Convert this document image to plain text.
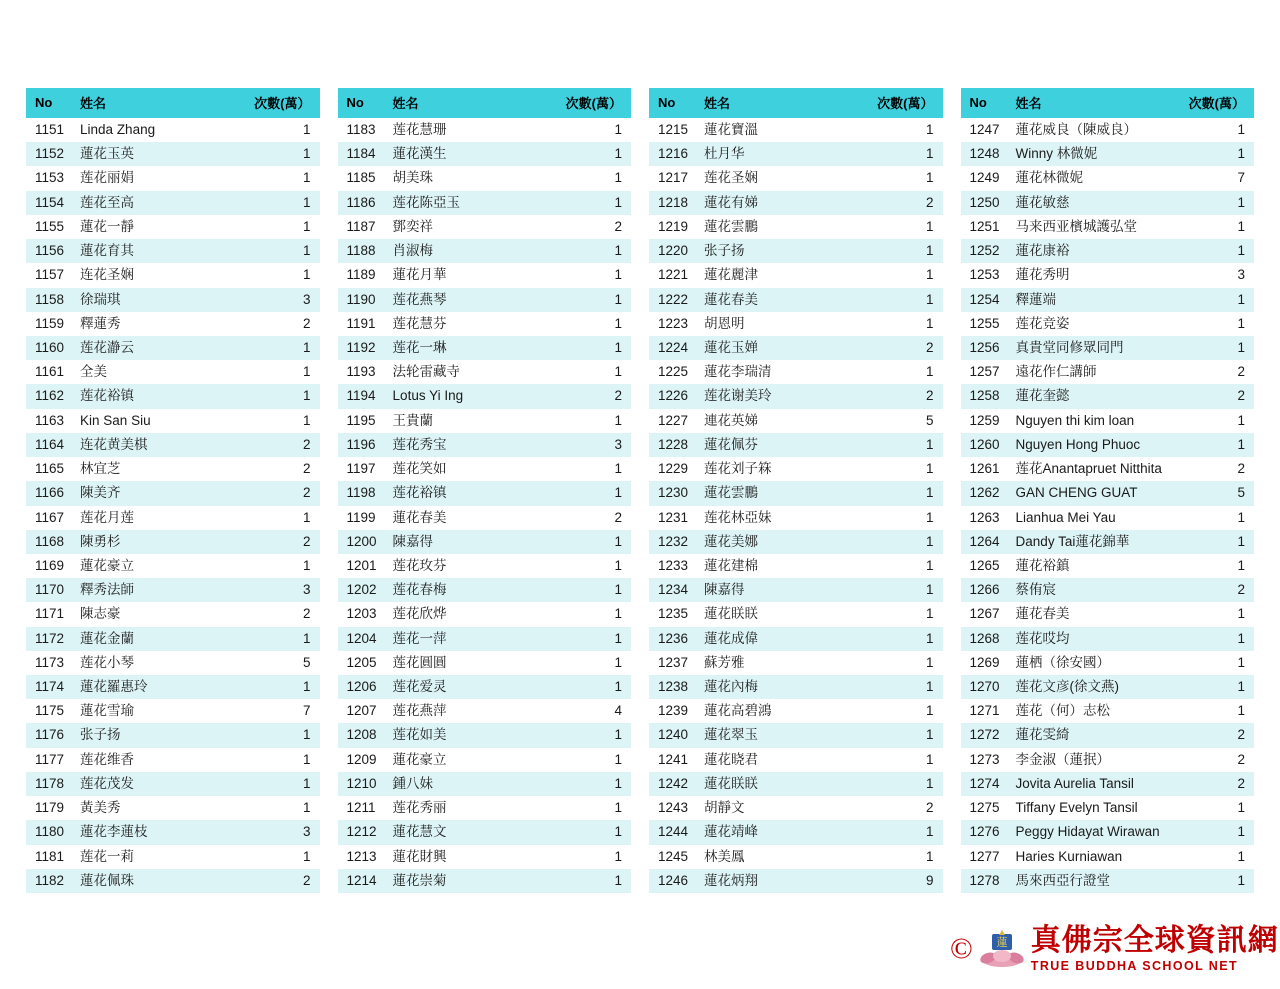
No	姓名	次數(萬）
1151	Linda Zhang	1
1152	蓮花玉英	1
1153	莲花丽娟	1
1154	莲花至高	1
1155	蓮花一靜	1
1156	蓮花育其	1
1157	连花圣娴	1
1158	徐瑞琪	3
1159	釋蓮秀	2
1160	莲花瀞云	1
1161	全美	1
1162	莲花裕镇	1
1163	Kin San Siu	1
1164	连花黄美棋	2
1165	林宜芝	2
1166	陳美齐	2
1167	莲花月莲	1
1168	陳勇杉	2
1169	蓮花豪立	1
1170	釋秀法師	3
1171	陳志豪	2
1172	蓮花金蘭	1
1173	莲花小琴	5
1174	蓮花羅惠玲	1
1175	蓮花雪瑜	7
1176	张子扬	1
1177	莲花维香	1
1178	莲花茂发	1
1179	黃美秀	1
1180	蓮花李蓮枝	3
1181	莲花一莉	1
1182	蓮花佩珠	2
No	姓名	次數(萬）
1183	莲花慧珊	1
1184	蓮花漢生	1
1185	胡美珠	1
1186	莲花陈亞玉	1
1187	鄧奕祥	2
1188	肖淑梅	1
1189	蓮花月華	1
1190	莲花燕琴	1
1191	莲花慧芬	1
1192	莲花一琳	1
1193	法轮雷藏寺	1
1194	Lotus Yi Ing	2
1195	王貴蘭	1
1196	莲花秀宝	3
1197	莲花笑如	1
1198	莲花裕镇	1
1199	蓮花春美	2
1200	陳嘉得	1
1201	莲花玫芬	1
1202	莲花春梅	1
1203	莲花欣烨	1
1204	莲花一萍	1
1205	莲花圓圓	1
1206	莲花爱灵	1
1207	莲花燕萍	4
1208	莲花如美	1
1209	蓮花豪立	1
1210	鍾八妹	1
1211	莲花秀丽	1
1212	蓮花慧文	1
1213	蓮花財興	1
1214	蓮花崇菊	1
No	姓名	次數(萬）
1215	蓮花寶溫	1
1216	杜月华	1
1217	莲花圣娴	1
1218	蓮花有娣	2
1219	蓮花雲鵬	1
1220	张子扬	1
1221	蓮花麗津	1
1222	蓮花春美	1
1223	胡恩明	1
1224	蓮花玉婵	2
1225	蓮花李瑞清	1
1226	莲花谢美玲	2
1227	連花英娣	5
1228	蓮花佩芬	1
1229	莲花刘子箖	1
1230	蓮花雲鵬	1
1231	莲花林亞妹	1
1232	蓮花美娜	1
1233	蓮花建棉	1
1234	陳嘉得	1
1235	蓮花眹眹	1
1236	蓮花成偉	1
1237	蘇芳雅	1
1238	蓮花內梅	1
1239	蓮花高碧鴻	1
1240	蓮花翠玉	1
1241	蓮花晓君	1
1242	蓮花眹眹	1
1243	胡靜文	2
1244	蓮花靖峰	1
1245	林美鳳	1
1246	蓮花炳翔	9
No	姓名	次數(萬）
1247	蓮花威良（陳威良）	1
1248	Winny 林微妮	1
1249	蓮花林微妮	7
1250	蓮花敏慈	1
1251	马来西亚檳城護弘堂	1
1252	蓮花康裕	1
1253	蓮花秀明	3
1254	釋蓮端	1
1255	莲花竞姿	1
1256	真貴堂同修眾同門	1
1257	遠花作仁講師	2
1258	蓮花奎懿	2
1259	Nguyen thi kim loan	1
1260	Nguyen Hong Phuoc	1
1261	莲花Anantapruet Nitthita	2
1262	GAN CHENG GUAT	5
1263	Lianhua Mei Yau	1
1264	Dandy Tai蓮花錦華	1
1265	蓮花裕鎮	1
1266	蔡侑宸	2
1267	蓮花春美	1
1268	莲花哎均	1
1269	蓮栖（徐安國）	1
1270	莲花文彦(徐文燕)	1
1271	莲花（何）志松	1
1272	蓮花雯綺	2
1273	李金淑（蓮抿）	2
1274	Jovita Aurelia Tansil	2
1275	Tiffany Evelyn Tansil	1
1276	Peggy Hidayat Wirawan	1
1277	Haries Kurniawan	1
1278	馬來西亞行證堂	1
© 蓮 真佛宗全球資訊網
TRUE BUDDHA SCHOOL NET
